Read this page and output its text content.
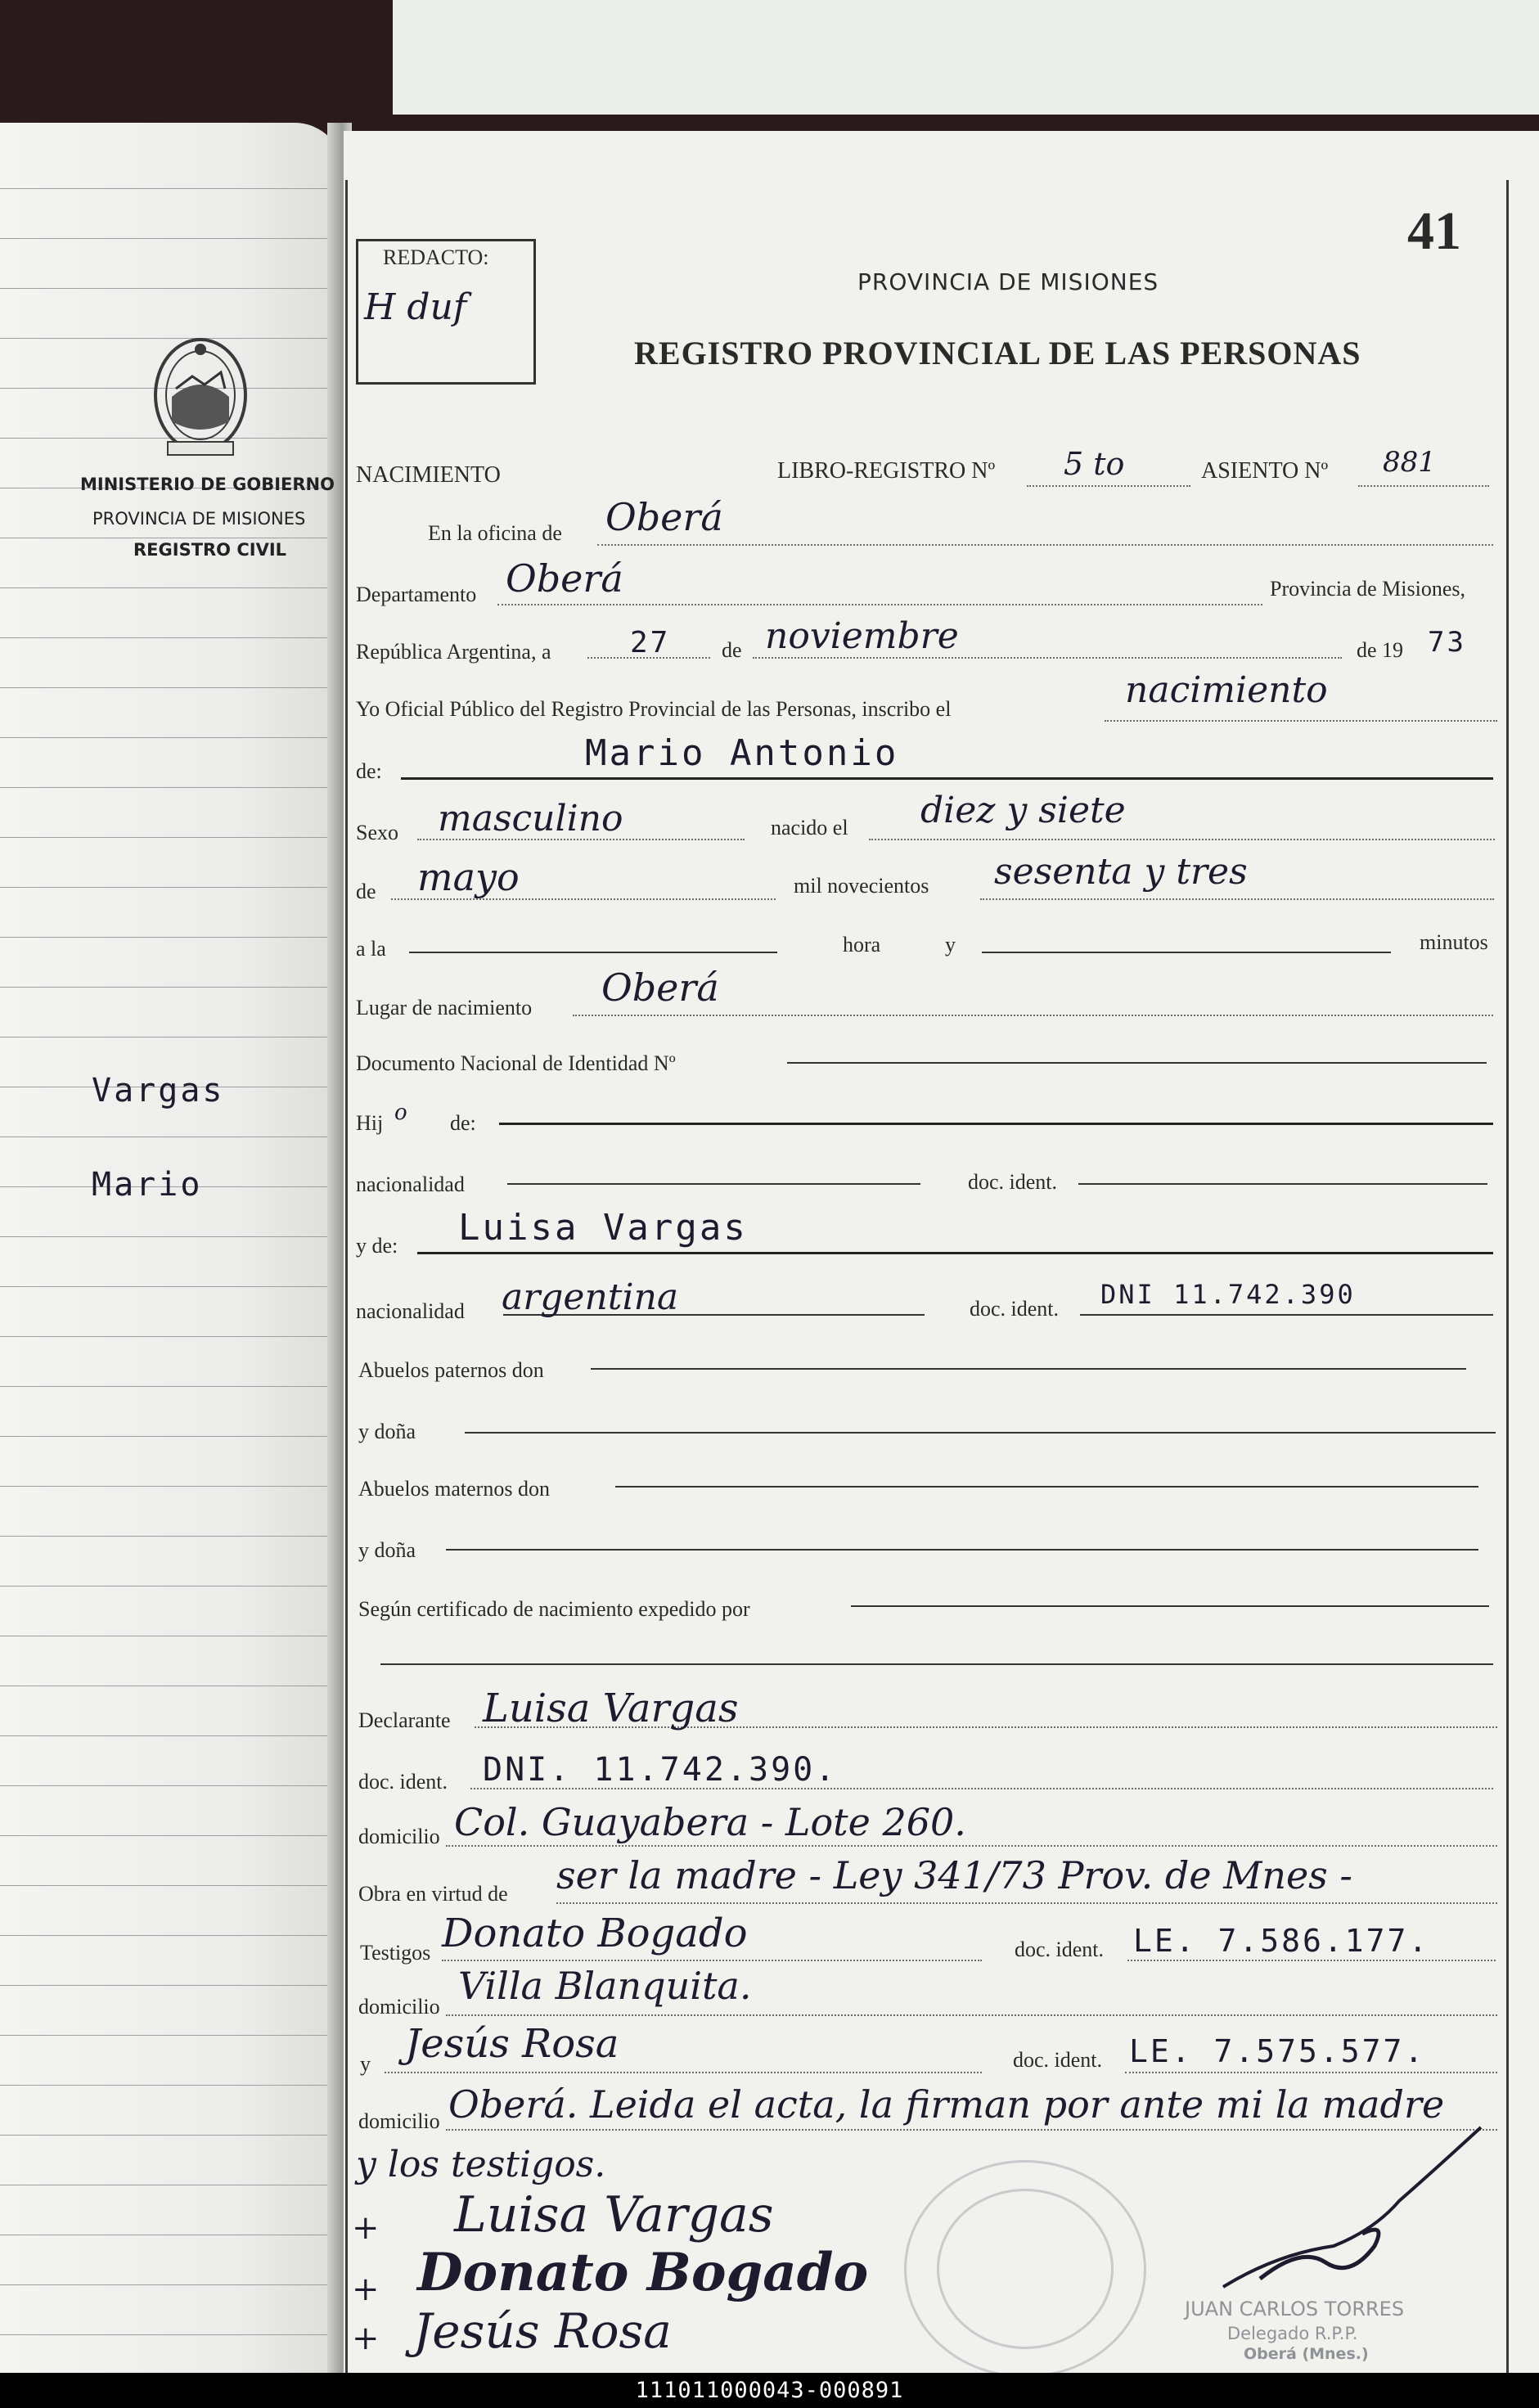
MINISTERIO DE GOBIERNO
PROVINCIA DE MISIONES
REGISTRO CIVIL
Vargas
Mario
REDACTO:
H duf
41
PROVINCIA DE MISIONES
REGISTRO PROVINCIAL DE LAS PERSONAS
NACIMIENTO	LIBRO-REGISTRO Nº 5 to	ASIENTO Nº 881
En la oficina de Oberá
Departamento Oberá	Provincia de Misiones,
República Argentina, a	27 de noviembre	de 19 73
Yo Oficial Público del Registro Provincial de las Personas, inscribo el	nacimiento
de:	Mario Antonio
Sexo masculino	nacido el diez y siete
de mayo	mil novecientos sesenta y tres
a la	hora	y	minutos
Lugar de nacimiento Oberá
Documento Nacional de Identidad Nº
Hij o de:
nacionalidad	doc. ident.
y de: Luisa Vargas
nacionalidad argentina	doc. ident. DNI 11.742.390
Abuelos paternos don
y doña
Abuelos maternos don
y doña
Según certificado de nacimiento expedido por
Declarante Luisa Vargas
doc. ident. DNI. 11.742.390.
domicilio Col. Guayabera - Lote 260.
Obra en virtud de ser la madre - Ley 341/73 Prov. de Mnes -
Testigos Donato Bogado	doc. ident. LE. 7.586.177.
domicilio Villa Blanquita.
y Jesús Rosa	doc. ident. LE. 7.575.577.
domicilio Oberá. Leida el acta, la firman por ante mi la madre
y los testigos.
+ Luisa Vargas
+ Donato Bogado
+ Jesús Rosa	JUAN CARLOS TORRES
Delegado R.P.P.
Oberá (Mnes.)
111011000043-000891
